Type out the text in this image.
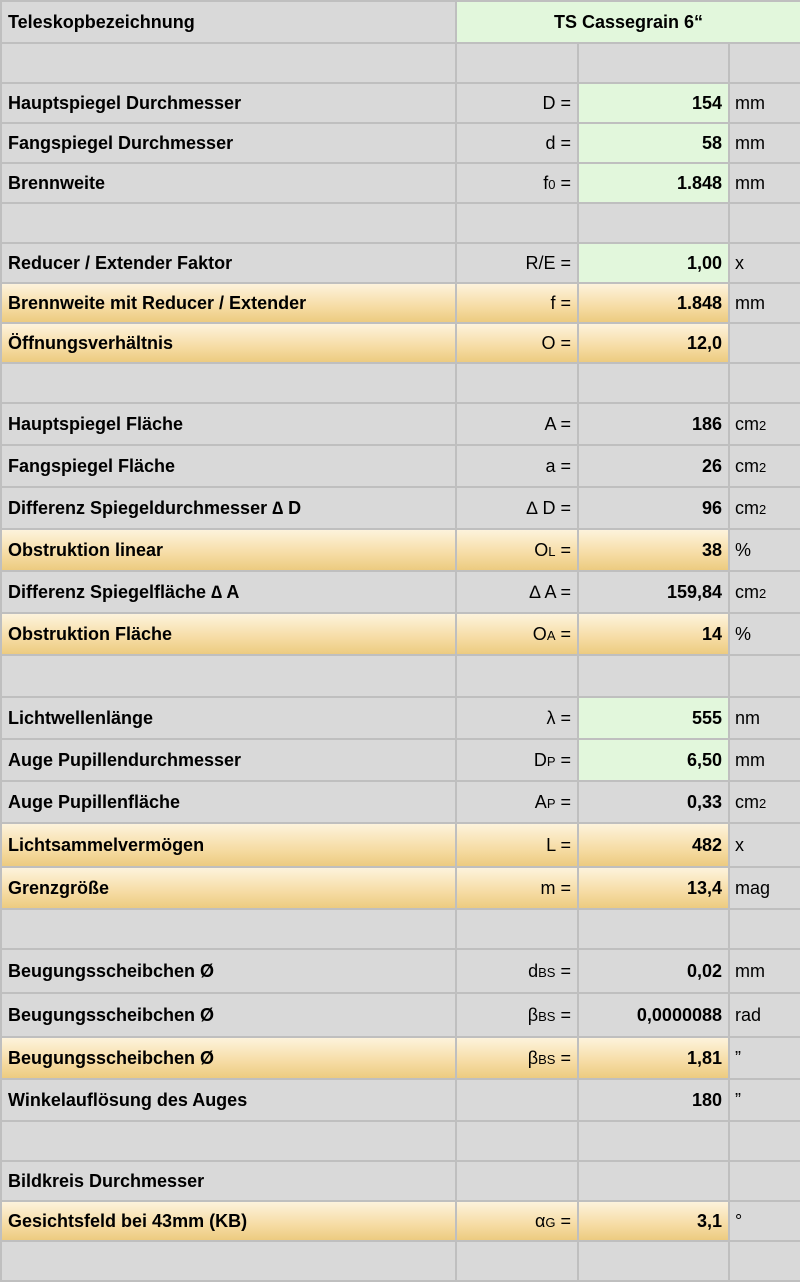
Teleskopbezeichnung	TS Cassegrain 6“		

Hauptspiegel Durchmesser	D =	154	mm
Fangspiegel Durchmesser	d =	58	mm
Brennweite	f0 =	1.848	mm

Reducer / Extender Faktor	R/E =	1,00	x
Brennweite mit Reducer / Extender	f =	1.848	mm
Öffnungsverhältnis	O =	12,0	

Hauptspiegel Fläche	A =	186	cm2
Fangspiegel Fläche	a =	26	cm2
Differenz Spiegeldurchmesser ∆ D	∆ D =	96	cm2
Obstruktion linear	OL =	38	%
Differenz Spiegelfläche ∆ A	∆ A =	159,84	cm2
Obstruktion Fläche	OA =	14	%

Lichtwellenlänge	λ =	555	nm
Auge Pupillendurchmesser	DP =	6,50	mm
Auge Pupillenfläche	AP =	0,33	cm2
Lichtsammelvermögen	L =	482	x
Grenzgröße	m =	13,4	mag

Beugungsscheibchen Ø	dBS =	0,02	mm
Beugungsscheibchen Ø	βBS =	0,0000088	rad
Beugungsscheibchen Ø	βBS =	1,81	”
Winkelauflösung des Auges		180	”

Bildkreis Durchmesser			
Gesichtsfeld bei 43mm (KB)	αG =	3,1	°
